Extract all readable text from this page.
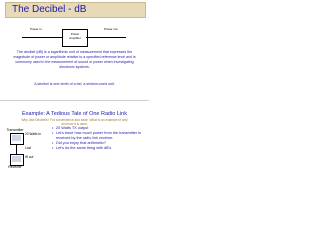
The Decibel - dB
Power in	Power out
Power Amplifier
The decibel (dB) is a logarithmic unit of measurement that expresses the magnitude of power or amplitude relative to a specified reference level and is commonly used in the measurement of sound or power when investigating electronic systems.
A decibel is one-tenth of a bel, a seldom-used unit.
Example: A Tedious Tale of One Radio Link
Why Use Decibels? For convenience and ease. What is an example of why and how it is used.
Transmitter
Receiver
20 Watts in
Lost
W out
• 20 Watts TX output
• Let's trace how much power from the transmitter is received by the radio link receiver.
• Did you enjoy that arithmetic?
• Let's do the same thing with dB's
